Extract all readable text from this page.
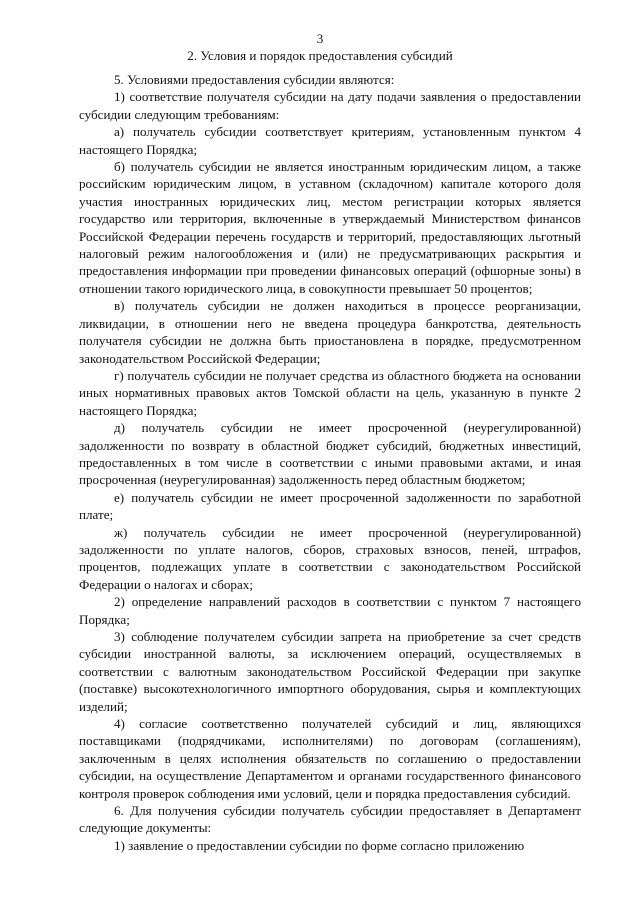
3
2. Условия и порядок предоставления субсидий

5. Условиями предоставления субсидии являются:

1) соответствие получателя субсидии на дату подачи заявления о предоставлении субсидии следующим требованиям:

а) получатель субсидии соответствует критериям, установленным пунктом 4 настоящего Порядка;

б) получатель субсидии не является иностранным юридическим лицом, а также российским юридическим лицом, в уставном (складочном) капитале которого доля участия иностранных юридических лиц, местом регистрации которых является государство или территория, включенные в утверждаемый Министерством финансов Российской Федерации перечень государств и территорий, предоставляющих льготный налоговый режим налогообложения и (или) не предусматривающих раскрытия и предоставления информации при проведении финансовых операций (офшорные зоны) в отношении такого юридического лица, в совокупности превышает 50 процентов;

в) получатель субсидии не должен находиться в процессе реорганизации, ликвидации, в отношении него не введена процедура банкротства, деятельность получателя субсидии не должна быть приостановлена в порядке, предусмотренном законодательством Российской Федерации;

г) получатель субсидии не получает средства из областного бюджета на основании иных нормативных правовых актов Томской области на цель, указанную в пункте 2 настоящего Порядка;

д) получатель субсидии не имеет просроченной (неурегулированной) задолженности по возврату в областной бюджет субсидий, бюджетных инвестиций, предоставленных в том числе в соответствии с иными правовыми актами, и иная просроченная (неурегулированная) задолженность перед областным бюджетом;

е) получатель субсидии не имеет просроченной задолженности по заработной плате;

ж) получатель субсидии не имеет просроченной (неурегулированной) задолженности по уплате налогов, сборов, страховых взносов, пеней, штрафов, процентов, подлежащих уплате в соответствии с законодательством Российской Федерации о налогах и сборах;

2) определение направлений расходов в соответствии с пунктом 7 настоящего Порядка;

3) соблюдение получателем субсидии запрета на приобретение за счет средств субсидии иностранной валюты, за исключением операций, осуществляемых в соответствии с валютным законодательством Российской Федерации при закупке (поставке) высокотехнологичного импортного оборудования, сырья и комплектующих изделий;

4) согласие соответственно получателей субсидий и лиц, являющихся поставщиками (подрядчиками, исполнителями) по договорам (соглашениям), заключенным в целях исполнения обязательств по соглашению о предоставлении субсидии, на осуществление Департаментом и органами государственного финансового контроля проверок соблюдения ими условий, цели и порядка предоставления субсидий.

6. Для получения субсидии получатель субсидии предоставляет в Департамент следующие документы:

1) заявление о предоставлении субсидии по форме согласно приложению
